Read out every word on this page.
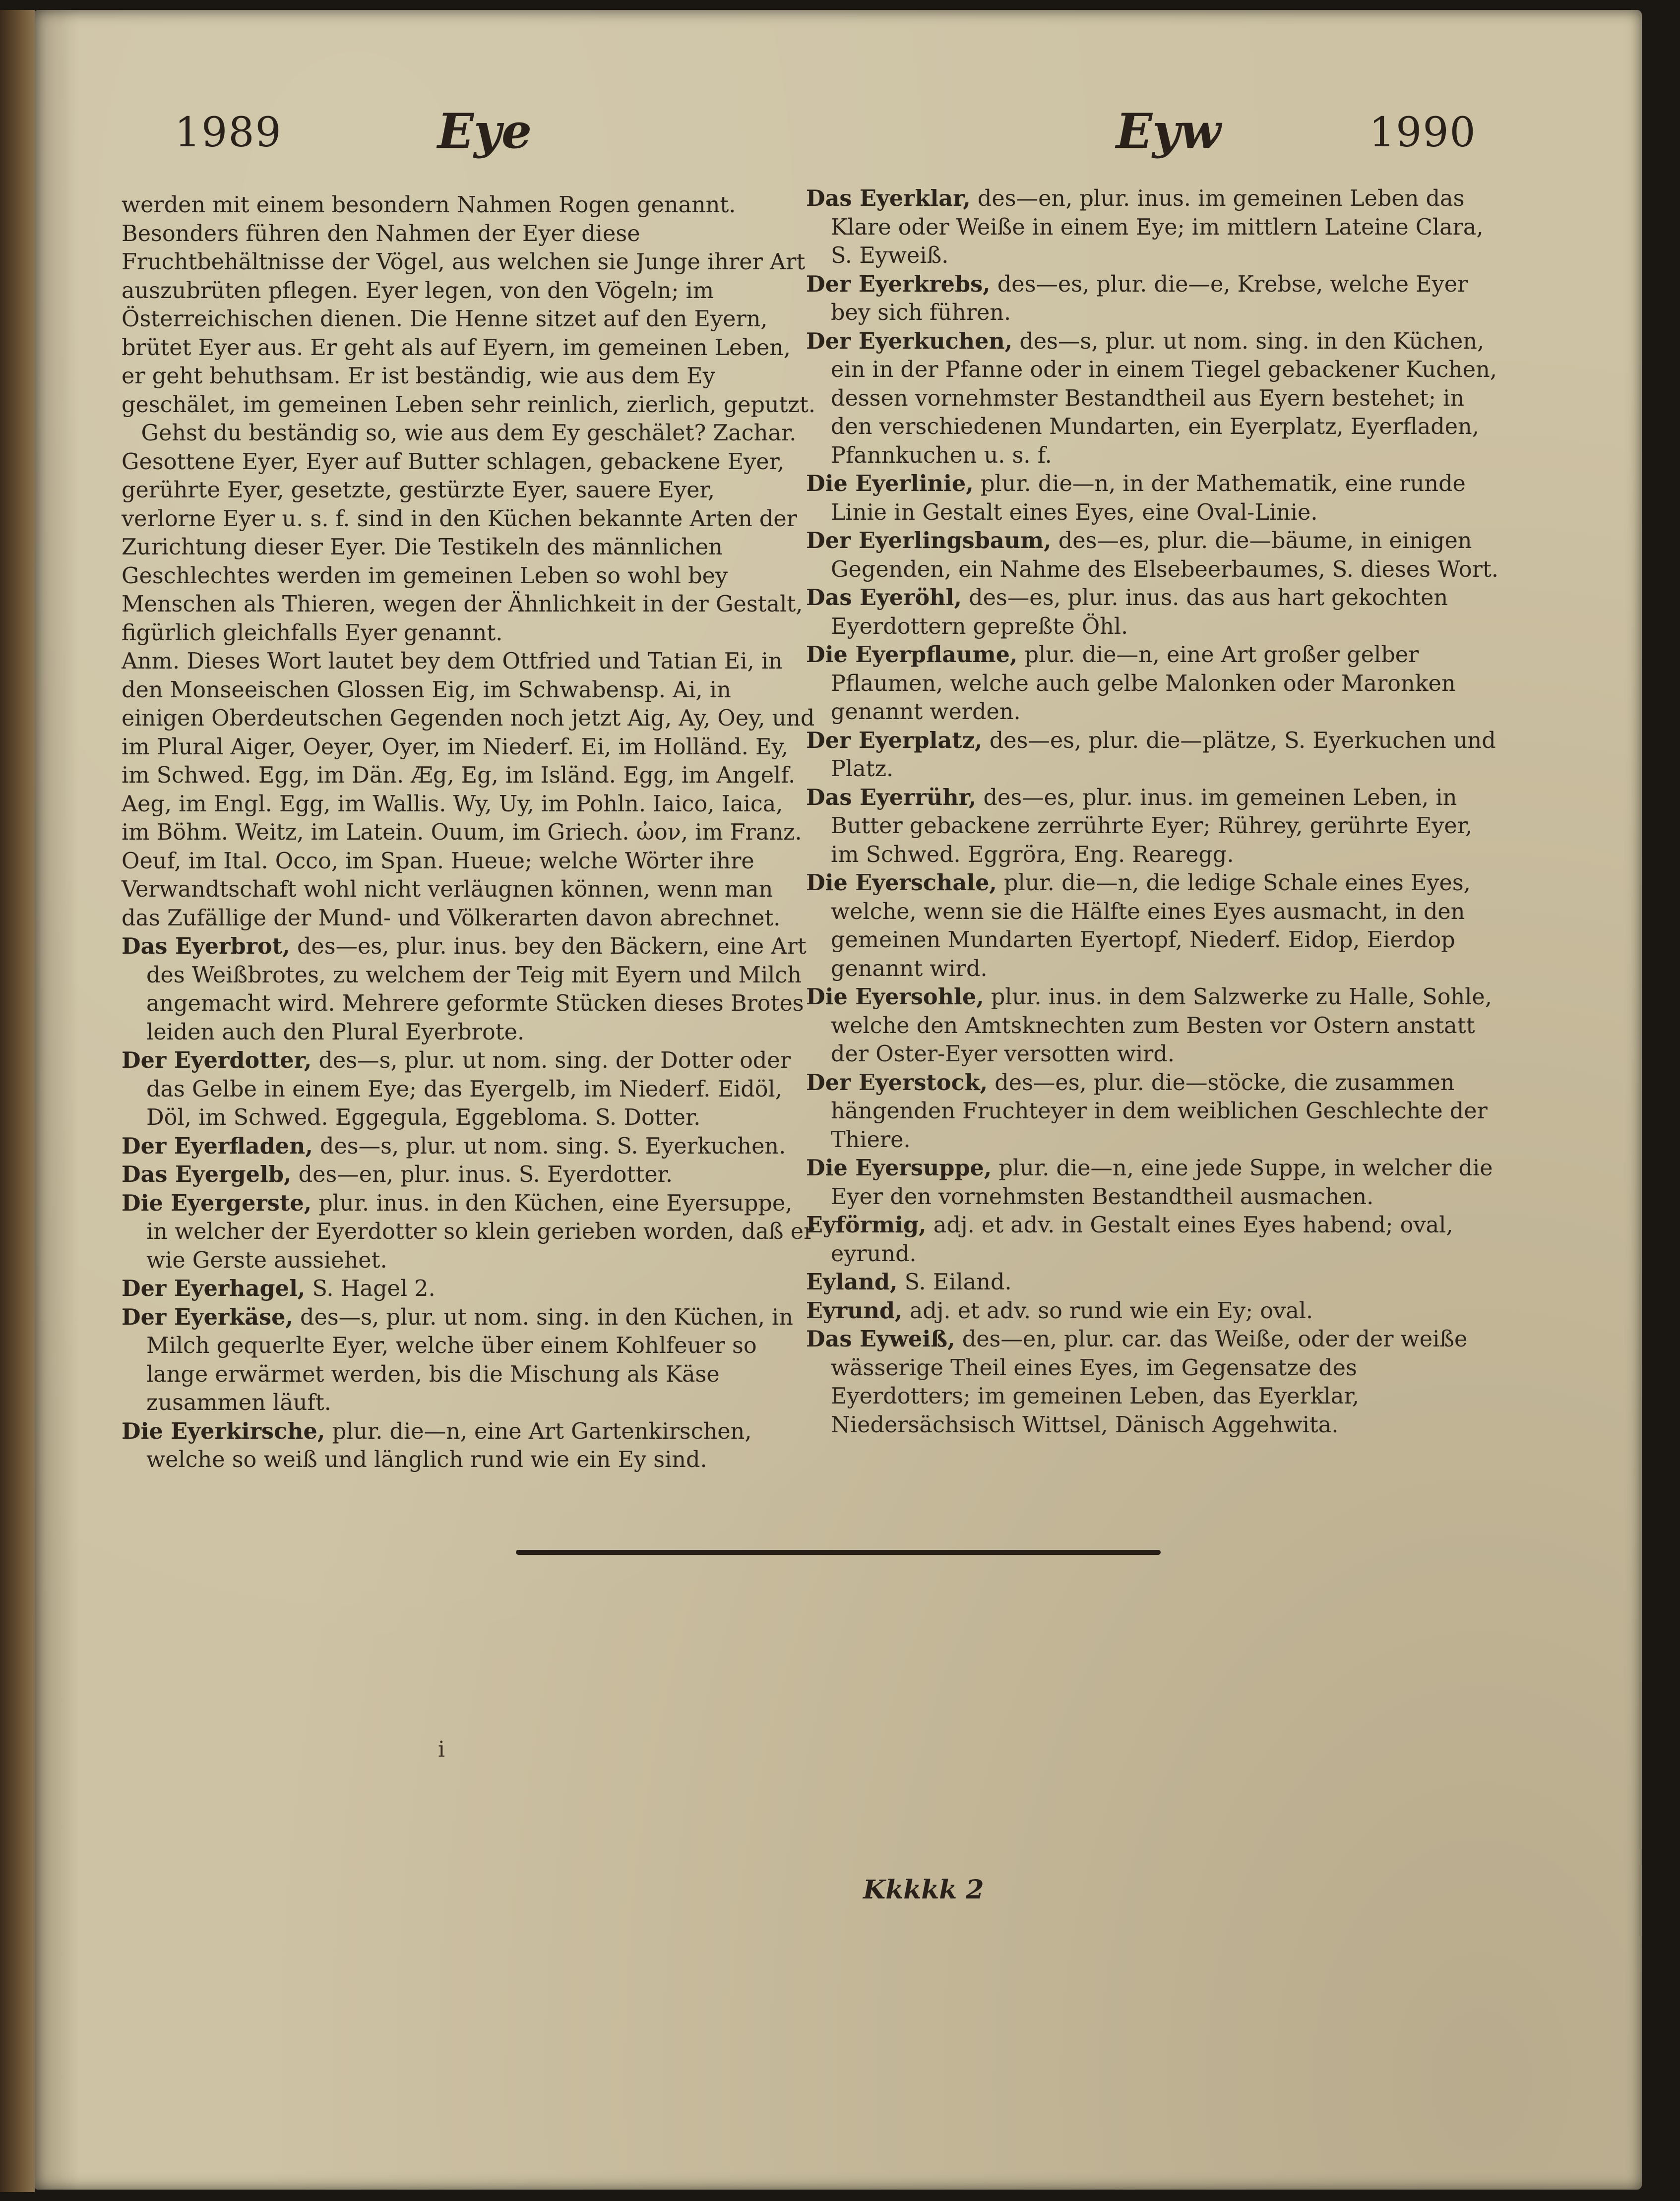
1989	Eye	Eyw	1990

werden mit einem besondern Nahmen Rogen genannt. Besonders führen den Nahmen der Eyer diese Fruchtbehältnisse der Vögel, aus welchen sie Junge ihrer Art auszubrüten pflegen. Eyer legen, von den Vögeln; im Österreichischen dienen. Die Henne sitzet auf den Eyern, brütet Eyer aus. Er geht als auf Eyern, im gemeinen Leben, er geht behuthsam. Er ist beständig, wie aus dem Ey geschälet, im gemeinen Leben sehr reinlich, zierlich, geputzt.

Gehst du beständig so, wie aus dem Ey geschälet? Zachar.

Gesottene Eyer, Eyer auf Butter schlagen, gebackene Eyer, gerührte Eyer, gesetzte, gestürzte Eyer, sauere Eyer, verlorne Eyer u. s. f. sind in den Küchen bekannte Arten der Zurichtung dieser Eyer. Die Testikeln des männlichen Geschlechtes werden im gemeinen Leben so wohl bey Menschen als Thieren, wegen der Ähnlichkeit in der Gestalt, figürlich gleichfalls Eyer genannt.

Anm. Dieses Wort lautet bey dem Ottfried und Tatian Ei, in den Monseeischen Glossen Eig, im Schwabensp. Ai, in einigen Oberdeutschen Gegenden noch jetzt Aig, Ay, Oey, und im Plural Aiger, Oeyer, Oyer, im Niederf. Ei, im Holländ. Ey, im Schwed. Egg, im Dän. Æg, Eg, im Isländ. Egg, im Angelf. Aeg, im Engl. Egg, im Wallis. Wy, Uy, im Pohln. Iaico, Iaica, im Böhm. Weitz, im Latein. Ouum, im Griech. ὠον, im Franz. Oeuf, im Ital. Occo, im Span. Hueue; welche Wörter ihre Verwandtschaft wohl nicht verläugnen können, wenn man das Zufällige der Mund- und Völkerarten davon abrechnet.

Das Eyerbrot, des—es, plur. inus. bey den Bäckern, eine Art des Weißbrotes, zu welchem der Teig mit Eyern und Milch angemacht wird. Mehrere geformte Stücken dieses Brotes leiden auch den Plural Eyerbrote.

Der Eyerdotter, des—s, plur. ut nom. sing. der Dotter oder das Gelbe in einem Eye; das Eyergelb, im Niederf. Eidöl, Döl, im Schwed. Eggegula, Eggebloma. S. Dotter.

Der Eyerfladen, des—s, plur. ut nom. sing. S. Eyerkuchen.

Das Eyergelb, des—en, plur. inus. S. Eyerdotter.

Die Eyergerste, plur. inus. in den Küchen, eine Eyersuppe, in welcher der Eyerdotter so klein gerieben worden, daß er wie Gerste aussiehet.

Der Eyerhagel, S. Hagel 2.

Der Eyerkäse, des—s, plur. ut nom. sing. in den Küchen, in Milch gequerlte Eyer, welche über einem Kohlfeuer so lange erwärmet werden, bis die Mischung als Käse zusammen läuft.

Die Eyerkirsche, plur. die—n, eine Art Gartenkirschen, welche so weiß und länglich rund wie ein Ey sind.

Das Eyerklar, des—en, plur. inus. im gemeinen Leben das Klare oder Weiße in einem Eye; im mittlern Lateine Clara, S. Eyweiß.

Der Eyerkrebs, des—es, plur. die—e, Krebse, welche Eyer bey sich führen.

Der Eyerkuchen, des—s, plur. ut nom. sing. in den Küchen, ein in der Pfanne oder in einem Tiegel gebackener Kuchen, dessen vornehmster Bestandtheil aus Eyern bestehet; in den verschiedenen Mundarten, ein Eyerplatz, Eyerfladen, Pfannkuchen u. s. f.

Die Eyerlinie, plur. die—n, in der Mathematik, eine runde Linie in Gestalt eines Eyes, eine Oval-Linie.

Der Eyerlingsbaum, des—es, plur. die—bäume, in einigen Gegenden, ein Nahme des Elsebeerbaumes, S. dieses Wort.

Das Eyeröhl, des—es, plur. inus. das aus hart gekochten Eyerdottern gepreßte Öhl.

Die Eyerpflaume, plur. die—n, eine Art großer gelber Pflaumen, welche auch gelbe Malonken oder Maronken genannt werden.

Der Eyerplatz, des—es, plur. die—plätze, S. Eyerkuchen und Platz.

Das Eyerrühr, des—es, plur. inus. im gemeinen Leben, in Butter gebackene zerrührte Eyer; Rührey, gerührte Eyer, im Schwed. Eggröra, Eng. Rearegg.

Die Eyerschale, plur. die—n, die ledige Schale eines Eyes, welche, wenn sie die Hälfte eines Eyes ausmacht, in den gemeinen Mundarten Eyertopf, Niederf. Eidop, Eierdop genannt wird.

Die Eyersohle, plur. inus. in dem Salzwerke zu Halle, Sohle, welche den Amtsknechten zum Besten vor Ostern anstatt der Oster-Eyer versotten wird.

Der Eyerstock, des—es, plur. die—stöcke, die zusammen hängenden Fruchteyer in dem weiblichen Geschlechte der Thiere.

Die Eyersuppe, plur. die—n, eine jede Suppe, in welcher die Eyer den vornehmsten Bestandtheil ausmachen.

Eyförmig, adj. et adv. in Gestalt eines Eyes habend; oval, eyrund.

Eyland, S. Eiland.

Eyrund, adj. et adv. so rund wie ein Ey; oval.

Das Eyweiß, des—en, plur. car. das Weiße, oder der weiße wässerige Theil eines Eyes, im Gegensatze des Eyerdotters; im gemeinen Leben, das Eyerklar, Niedersächsisch Wittsel, Dänisch Aggehwita.

i
Kkkkk 2
